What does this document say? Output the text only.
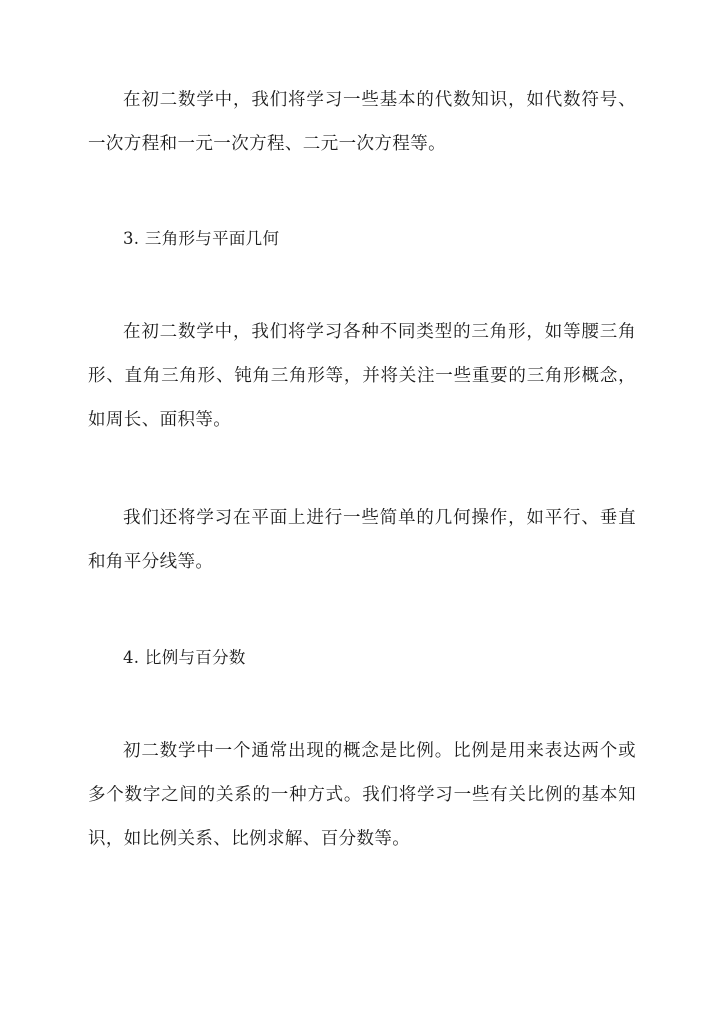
在初二数学中，我们将学习一些基本的代数知识，如代数符号、一次方程和一元一次方程、二元一次方程等。

3. 三角形与平面几何

在初二数学中，我们将学习各种不同类型的三角形，如等腰三角形、直角三角形、钝角三角形等，并将关注一些重要的三角形概念，如周长、面积等。

我们还将学习在平面上进行一些简单的几何操作，如平行、垂直和角平分线等。

4. 比例与百分数

初二数学中一个通常出现的概念是比例。比例是用来表达两个或多个数字之间的关系的一种方式。我们将学习一些有关比例的基本知识，如比例关系、比例求解、百分数等。
